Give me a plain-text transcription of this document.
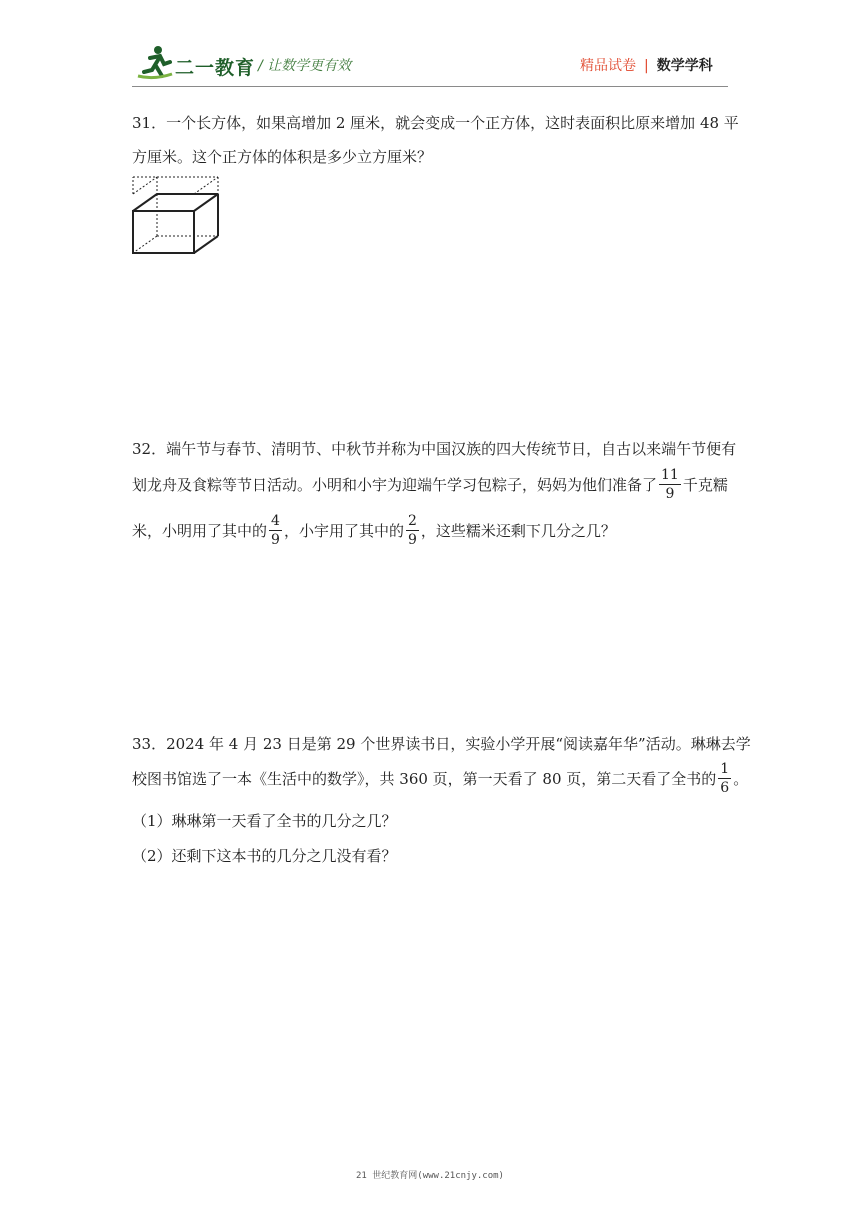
二一教育 / 让数学更有效	精品试卷 | 数学学科
31．一个长方体，如果高增加 2 厘米，就会变成一个正方体，这时表面积比原来增加 48 平
方厘米。这个正方体的体积是多少立方厘米？
32．端午节与春节、清明节、中秋节并称为中国汉族的四大传统节日，自古以来端午节便有
划龙舟及食粽等节日活动。小明和小宇为迎端午学习包粽子，妈妈为他们准备了 $\frac{11}{9}$ 千克糯
米，小明用了其中的 $\frac{4}{9}$ ，小宇用了其中的 $\frac{2}{9}$ ，这些糯米还剩下几分之几？
33．2024 年 4 月 23 日是第 29 个世界读书日，实验小学开展“阅读嘉年华”活动。琳琳去学
校图书馆选了一本《生活中的数学》，共 360 页，第一天看了 80 页，第二天看了全书的 $\frac{1}{6}$ 。
（1）琳琳第一天看了全书的几分之几？
（2）还剩下这本书的几分之几没有看？
21 世纪教育网(www.21cnjy.com)
